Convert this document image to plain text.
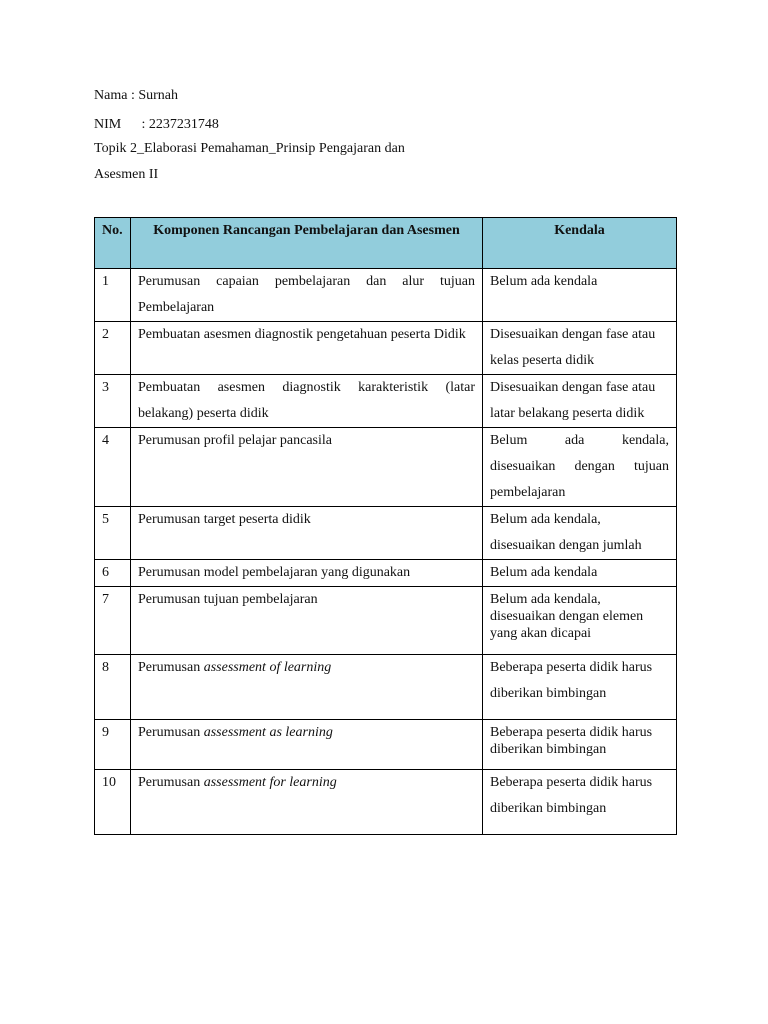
Nama : Surnah
NIM : 2237231748
Topik 2_Elaborasi Pemahaman_Prinsip Pengajaran dan
Asesmen II
No.	Komponen Rancangan Pembelajaran dan Asesmen	Kendala
1	Perumusan capaian pembelajaran dan alur tujuan Pembelajaran	Belum ada kendala
2	Pembuatan asesmen diagnostik pengetahuan peserta Didik	Disesuaikan dengan fase atau kelas peserta didik
3	Pembuatan asesmen diagnostik karakteristik (latar belakang) peserta didik	Disesuaikan dengan fase atau latar belakang peserta didik
4	Perumusan profil pelajar pancasila	Belum ada kendala, disesuaikan dengan tujuan pembelajaran
5	Perumusan target peserta didik	Belum ada kendala, disesuaikan dengan jumlah
6	Perumusan model pembelajaran yang digunakan	Belum ada kendala
7	Perumusan tujuan pembelajaran	Belum ada kendala, disesuaikan dengan elemen yang akan dicapai
8	Perumusan assessment of learning	Beberapa peserta didik harus diberikan bimbingan
9	Perumusan assessment as learning	Beberapa peserta didik harus diberikan bimbingan
10	Perumusan assessment for learning	Beberapa peserta didik harus diberikan bimbingan
